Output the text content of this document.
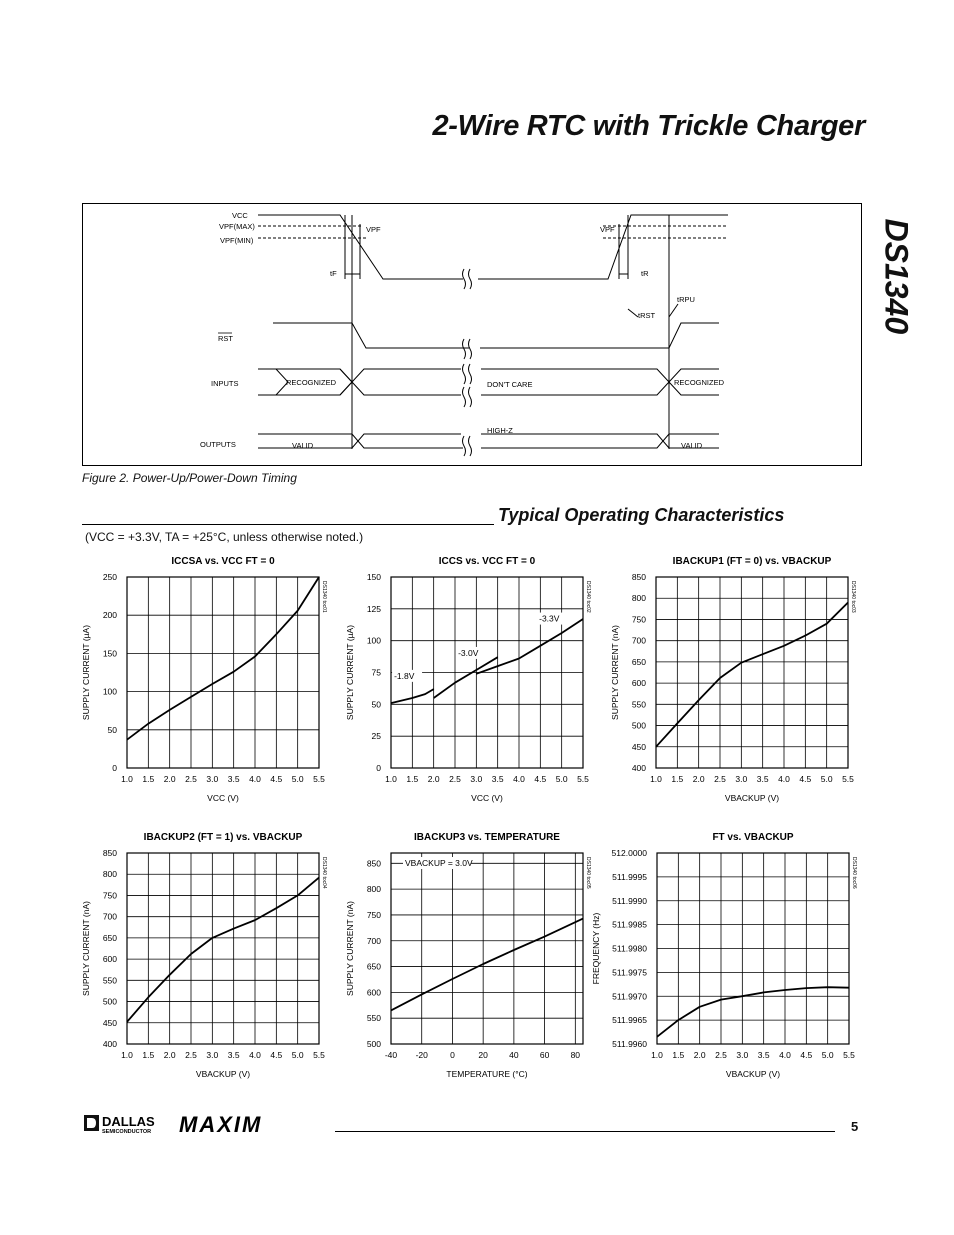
2-Wire RTC with Trickle Charger
DS1340
VCC
VPF(MAX)
VPF(MIN)
VPF	VPF
tF	tR
tRPU
tRST
RST
INPUTS
OUTPUTS
RECOGNIZED	RECOGNIZED
DON'T CARE
HIGH-Z
VALID	VALID
Figure 2. Power-Up/Power-Down Timing
Typical Operating Characteristics
(VCC = +3.3V, TA = +25°C, unless otherwise noted.)
ICCSA vs. VCC FT = 0
1.0 1.5 2.0 2.5 3.0 3.5 4.0 4.5 5.0 5.5
0
50
100
150
200
250
VCC (V)
SUPPLY CURRENT (µA)
DS1340 toc01
ICCS vs. VCC FT = 0
1.0 1.5 2.0 2.5 3.0 3.5 4.0 4.5 5.0 5.5
0
25
50
75
100
125
150
VCC (V)
SUPPLY CURRENT (µA)
DS1340 toc02
-1.8V
-3.0V
-3.3V
IBACKUP1 (FT = 0) vs. VBACKUP
1.0 1.5 2.0 2.5 3.0 3.5 4.0 4.5 5.0 5.5
400
450
500
550
600
650
700
750
800
850
VBACKUP (V)
SUPPLY CURRENT (nA)
DS1340 toc03
IBACKUP2 (FT = 1) vs. VBACKUP
1.0 1.5 2.0 2.5 3.0 3.5 4.0 4.5 5.0 5.5
400
450
500
550
600
650
700
750
800
850
VBACKUP (V)
SUPPLY CURRENT (nA)
DS1340 toc04
IBACKUP3 vs. TEMPERATURE
-40 -20	0	20	40	60	80
500
550
600
650
700
750
800
850
TEMPERATURE (°C)
SUPPLY CURRENT (nA)
DS1340 toc05
VBACKUP = 3.0V
FT vs. VBACKUP
1.0 1.5 2.0 2.5 3.0 3.5 4.0 4.5 5.0 5.5
511.9960
511.9965
511.9970
511.9975
511.9980
511.9985
511.9990
511.9995
512.0000
VBACKUP (V)
FREQUENCY (Hz)
DS1340 toc06
DALLAS
SEMICONDUCTOR MAXIM	5
